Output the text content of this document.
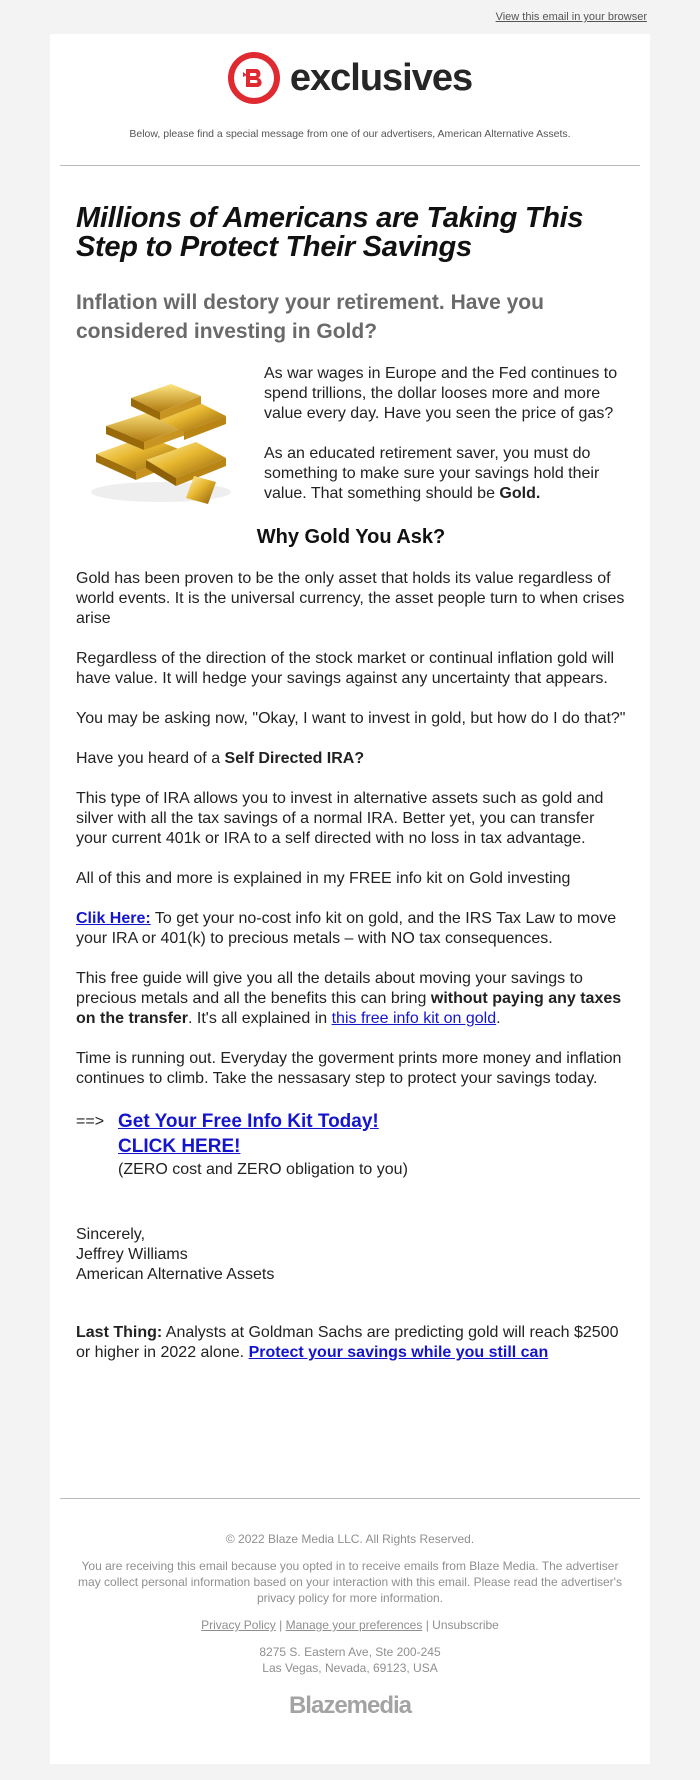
View this email in your browser
exclusives
Below, please find a special message from one of our advertisers, American Alternative Assets.
Millions of Americans are Taking This Step to Protect Their Savings
Inflation will destory your retirement. Have you considered investing in Gold?

As war wages in Europe and the Fed continues to spend trillions, the dollar looses more and more value every day. Have you seen the price of gas?

As an educated retirement saver, you must do something to make sure your savings hold their value. That something should be Gold.

Why Gold You Ask?

Gold has been proven to be the only asset that holds its value regardless of world events. It is the universal currency, the asset people turn to when crises arise

Regardless of the direction of the stock market or continual inflation gold will have value. It will hedge your savings against any uncertainty that appears.

You may be asking now, "Okay, I want to invest in gold, but how do I do that?"

Have you heard of a Self Directed IRA?

This type of IRA allows you to invest in alternative assets such as gold and silver with all the tax savings of a normal IRA. Better yet, you can transfer your current 401k or IRA to a self directed with no loss in tax advantage.

All of this and more is explained in my FREE info kit on Gold investing

Clik Here: To get your no-cost info kit on gold, and the IRS Tax Law to move your IRA or 401(k) to precious metals – with NO tax consequences.

This free guide will give you all the details about moving your savings to precious metals and all the benefits this can bring without paying any taxes on the transfer. It's all explained in this free info kit on gold.

Time is running out. Everyday the goverment prints more money and inflation continues to climb. Take the nessasary step to protect your savings today.

==> Get Your Free Info Kit Today!
CLICK HERE!
(ZERO cost and ZERO obligation to you)

Sincerely,

Jeffrey Williams

American Alternative Assets

Last Thing: Analysts at Goldman Sachs are predicting gold will reach $2500 or higher in 2022 alone. Protect your savings while you still can

© 2022 Blaze Media LLC. All Rights Reserved.
You are receiving this email because you opted in to receive emails from Blaze Media. The advertiser may collect personal information based on your interaction with this email. Please read the advertiser's privacy policy for more information.
Privacy Policy | Manage your preferences | Unsubscribe
8275 S. Eastern Ave, Ste 200-245
Las Vegas, Nevada, 69123, USA
Blazemedia
